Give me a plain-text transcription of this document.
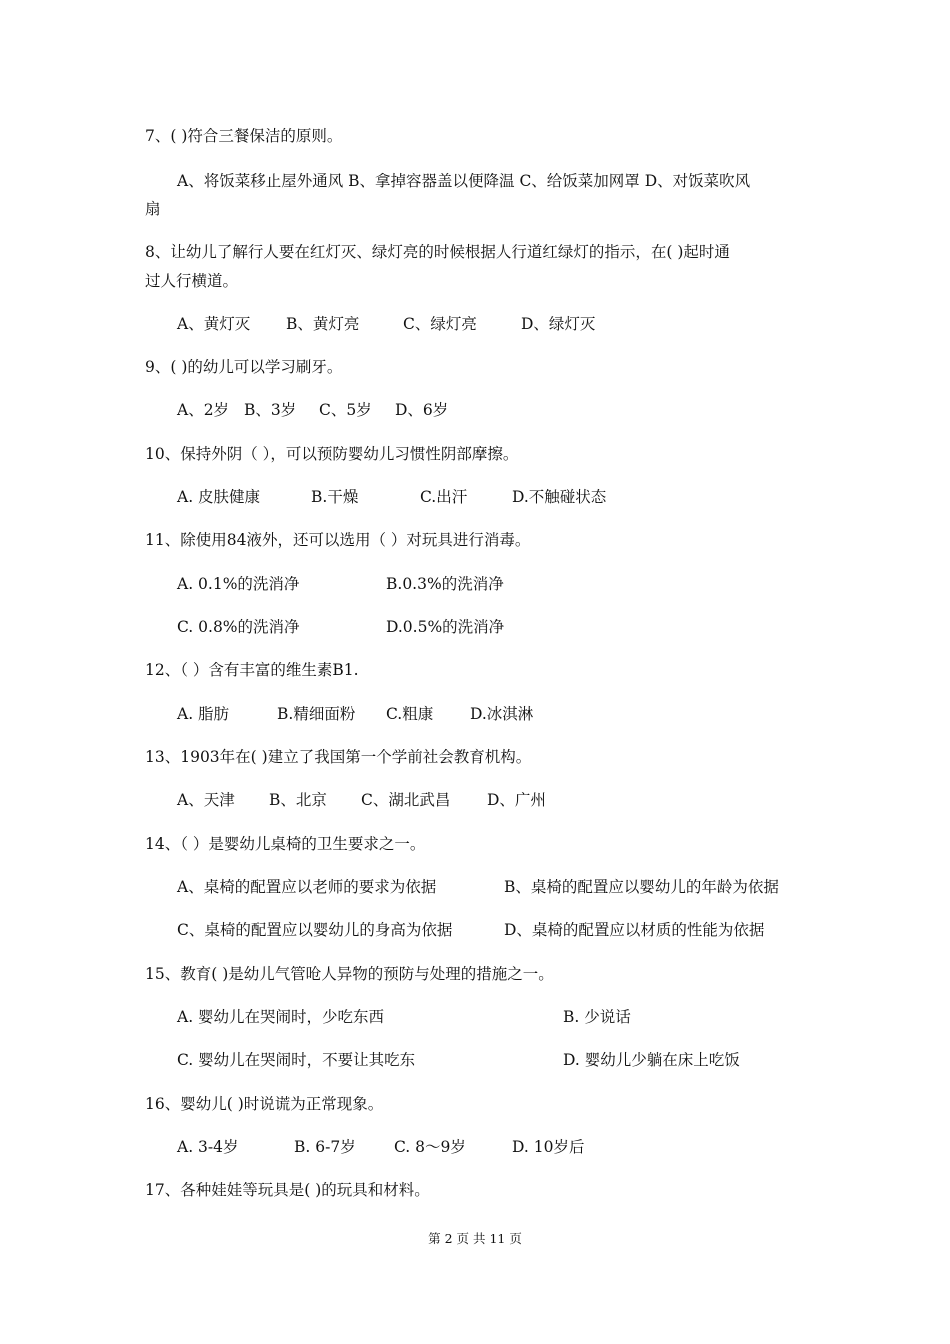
7、( )符合三餐保洁的原则。
A、将饭菜移止屋外通风 B、拿掉容器盖以便降温 C、给饭菜加网罩 D、对饭菜吹风
扇
8、让幼儿了解行人要在红灯灭、绿灯亮的时候根据人行道红绿灯的指示，在( )起时通
过人行横道。
A、黄灯灭 B、黄灯亮	C、绿灯亮	D、绿灯灭
9、( )的幼儿可以学习刷牙。
A、2岁 B、3岁 C、5岁 D、6岁
10、保持外阴（ ），可以预防婴幼儿习惯性阴部摩擦。
A. 皮肤健康	B.干燥	C.出汗	D.不触碰状态
11、除使用84液外，还可以选用（ ）对玩具进行消毒。
A. 0.1%的洗消净	B.0.3%的洗消净
C. 0.8%的洗消净	D.0.5%的洗消净
12、（ ）含有丰富的维生素B1.
A. 脂肪	B.精细面粉 C.粗康 D.冰淇淋
13、1903年在( )建立了我国第一个学前社会教育机构。
A、天津 B、北京 C、湖北武昌 D、广州
14、（ ）是婴幼儿桌椅的卫生要求之一。
A、桌椅的配置应以老师的要求为依据	B、桌椅的配置应以婴幼儿的年龄为依据
C、桌椅的配置应以婴幼儿的身高为依据	D、桌椅的配置应以材质的性能为依据
15、教育( )是幼儿气管呛人异物的预防与处理的措施之一。
A. 婴幼儿在哭闹时，少吃东西	B. 少说话
C. 婴幼儿在哭闹时，不要让其吃东	D. 婴幼儿少躺在床上吃饭
16、婴幼儿( )时说谎为正常现象。
A. 3-4岁	B. 6-7岁 C. 8～9岁	D. 10岁后
17、各种娃娃等玩具是( )的玩具和材料。
第 2 页 共 11 页
